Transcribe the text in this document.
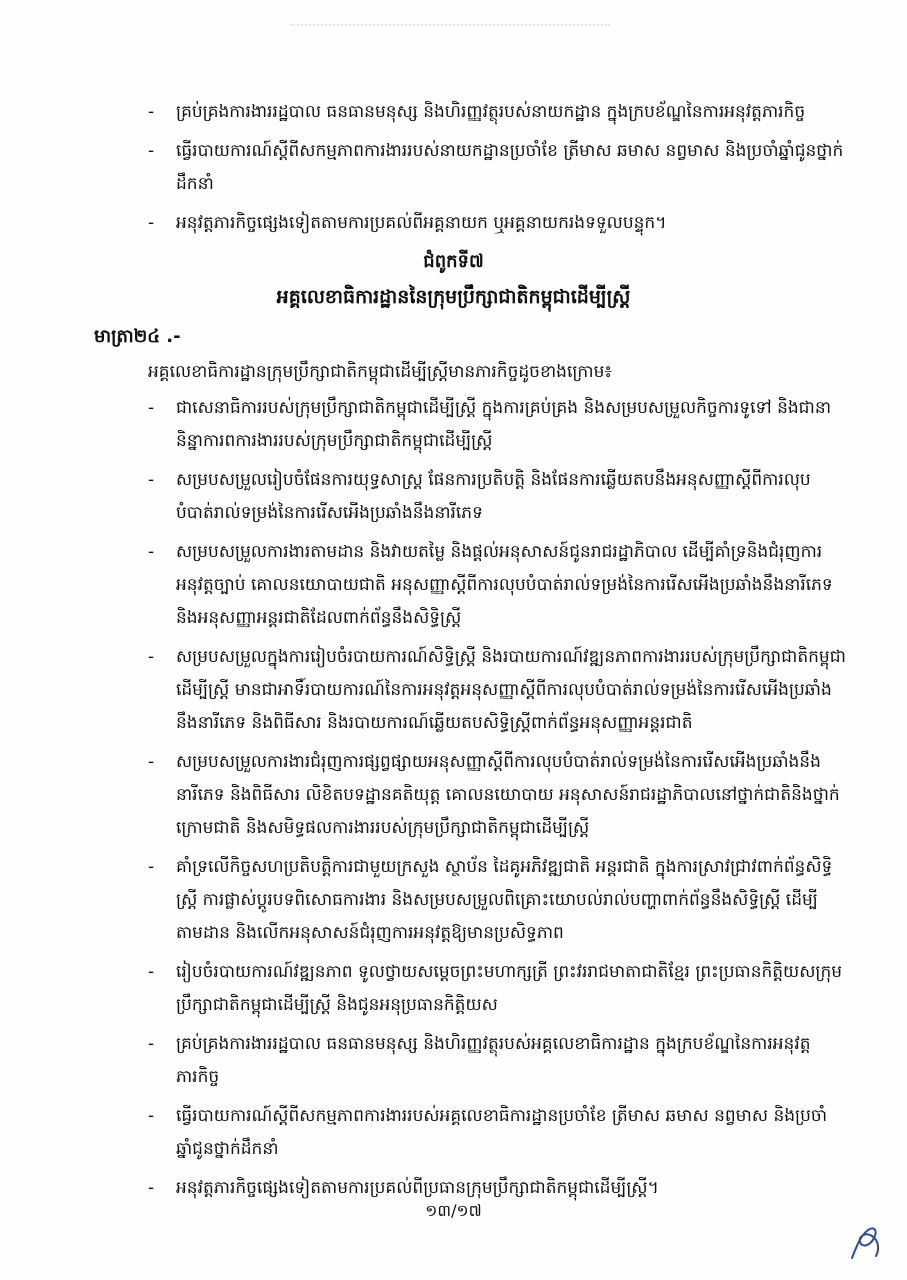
- គ្រប់គ្រងការងាររដ្ឋបាល ធនធានមនុស្ស និងហិរញ្ញវត្ថុរបស់នាយកដ្ឋាន ក្នុងក្របខ័ណ្ឌនៃការអនុវត្តភារកិច្ច
- ធ្វើរបាយការណ៍ស្តីពីសកម្មភាពការងាររបស់នាយកដ្ឋានប្រចាំខែ ត្រីមាស ឆមាស នព្វមាស និងប្រចាំឆ្នាំជូនថ្នាក់ដឹកនាំ
- អនុវត្តភារកិច្ចផ្សេងទៀតតាមការប្រគល់ពីអគ្គនាយក ឬអគ្គនាយករងទទួលបន្ទុក។
ជំពូកទី៧
អគ្គលេខាធិការដ្ឋាននៃក្រុមប្រឹក្សាជាតិកម្ពុជាដើម្បីស្ត្រី
មាត្រា២៤ .-
អគ្គលេខាធិការដ្ឋានក្រុមប្រឹក្សាជាតិកម្ពុជាដើម្បីស្ត្រីមានភារកិច្ចដូចខាងក្រោម៖
- ជាសេនាធិការរបស់ក្រុមប្រឹក្សាជាតិកម្ពុជាដើម្បីស្ត្រី ក្នុងការគ្រប់គ្រង និងសម្របសម្រួលកិច្ចការទូទៅ និងជានានិន្នាការពការងាររបស់ក្រុមប្រឹក្សាជាតិកម្ពុជាដើម្បីស្ត្រី
- សម្របសម្រួលរៀបចំផែនការយុទ្ធសាស្ត្រ ផែនការប្រតិបត្តិ និងផែនការឆ្លើយតបនឹងអនុសញ្ញាស្តីពីការលុបបំបាត់រាល់ទម្រង់នៃការរើសអើងប្រឆាំងនឹងនារីភេទ
- សម្របសម្រួលការងារតាមដាន និងវាយតម្លៃ និងផ្តល់អនុសាសន៍ជូនរាជរដ្ឋាភិបាល ដើម្បីគាំទ្រនិងជំរុញការអនុវត្តច្បាប់ គោលនយោបាយជាតិ អនុសញ្ញាស្តីពីការលុបបំបាត់រាល់ទម្រង់នៃការរើសអើងប្រឆាំងនឹងនារីភេទ និងអនុសញ្ញាអន្តរជាតិដែលពាក់ព័ន្ធនឹងសិទ្ធិស្ត្រី
- សម្របសម្រួលក្នុងការរៀបចំរបាយការណ៍សិទ្ធិស្ត្រី និងរបាយការណ៍វឌ្ឍនភាពការងាររបស់ក្រុមប្រឹក្សាជាតិកម្ពុជាដើម្បីស្ត្រី មានជាអាទិ៍របាយការណ៍នៃការអនុវត្តអនុសញ្ញាស្តីពីការលុបបំបាត់រាល់ទម្រង់នៃការរើសអើងប្រឆាំងនឹងនារីភេទ និងពិធីសារ និងរបាយការណ៍ឆ្លើយតបសិទ្ធិស្ត្រីពាក់ព័ន្ធអនុសញ្ញាអន្តរជាតិ
- សម្របសម្រួលការងារជំរុញការផ្សព្វផ្សាយអនុសញ្ញាស្តីពីការលុបបំបាត់រាល់ទម្រង់នៃការរើសអើងប្រឆាំងនឹងនារីភេទ និងពិធីសារ លិខិតបទដ្ឋានគតិយុត្ត គោលនយោបាយ អនុសាសន៍រាជរដ្ឋាភិបាលនៅថ្នាក់ជាតិនិងថ្នាក់ក្រោមជាតិ និងសមិទ្ធផលការងាររបស់ក្រុមប្រឹក្សាជាតិកម្ពុជាដើម្បីស្ត្រី
- គាំទ្រលើកិច្ចសហប្រតិបត្តិការជាមួយក្រសួង ស្ថាប័ន ដៃគូអភិវឌ្ឍជាតិ អន្តរជាតិ ក្នុងការស្រាវជ្រាវពាក់ព័ន្ធសិទ្ធិស្ត្រី ការផ្លាស់ប្តូរបទពិសោធការងារ និងសម្របសម្រួលពិគ្រោះយោបល់រាល់បញ្ហាពាក់ព័ន្ធនឹងសិទ្ធិស្ត្រី ដើម្បីតាមដាន និងលើកអនុសាសន៍ជំរុញការអនុវត្តឱ្យមានប្រសិទ្ធភាព
- រៀបចំរបាយការណ៍វឌ្ឍនភាព ទូលថ្វាយសម្តេចព្រះមហាក្សត្រី ព្រះវររាជមាតាជាតិខ្មែរ ព្រះប្រធានកិត្តិយសក្រុមប្រឹក្សាជាតិកម្ពុជាដើម្បីស្ត្រី និងជូនអនុប្រធានកិត្តិយស
- គ្រប់គ្រងការងាររដ្ឋបាល ធនធានមនុស្ស និងហិរញ្ញវត្ថុរបស់អគ្គលេខាធិការដ្ឋាន ក្នុងក្របខ័ណ្ឌនៃការអនុវត្តភារកិច្ច
- ធ្វើរបាយការណ៍ស្តីពីសកម្មភាពការងាររបស់អគ្គលេខាធិការដ្ឋានប្រចាំខែ ត្រីមាស ឆមាស នព្វមាស និងប្រចាំឆ្នាំជូនថ្នាក់ដឹកនាំ
- អនុវត្តភារកិច្ចផ្សេងទៀតតាមការប្រគល់ពីប្រធានក្រុមប្រឹក្សាជាតិកម្ពុជាដើម្បីស្ត្រី។
១៣/១៧
